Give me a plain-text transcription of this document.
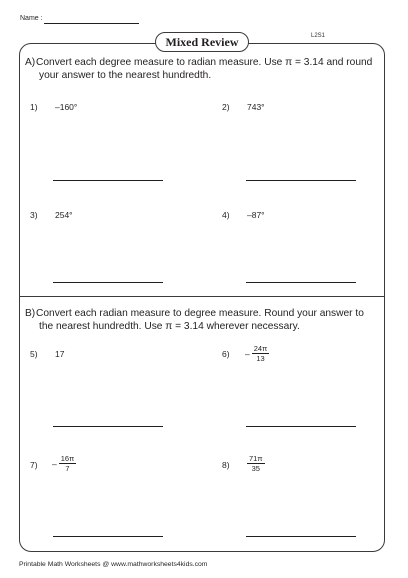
Name :
L2S1
Mixed Review
A) Convert each degree measure to radian measure. Use π = 3.14 and round
your answer to the nearest hundredth.
1) –160°	2) 743°
3) 254°	4) –87°
B) Convert each radian measure to degree measure. Round your answer to
the nearest hundredth. Use π = 3.14 wherever necessary.
5) 17	$6) - \frac{24\pi}{13}$
$7) - \frac{16\pi}{7}$	$8) \frac{71\pi}{35}$
Printable Math Worksheets @ www.mathworksheets4kids.com
